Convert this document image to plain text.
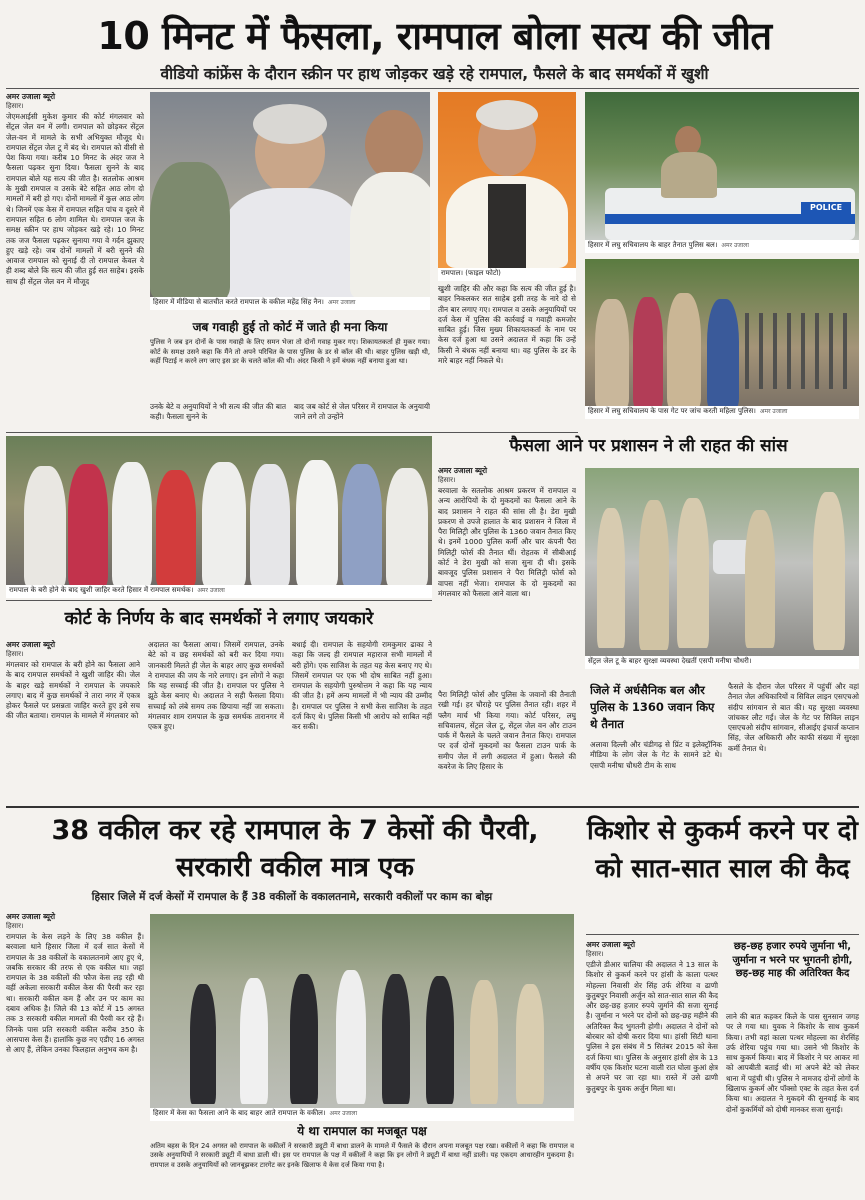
10 मिनट में फैसला, रामपाल बोला सत्य की जीत
वीडियो कांफ्रेंस के दौरान स्क्रीन पर हाथ जोड़कर खड़े रहे रामपाल, फैसले के बाद समर्थकों में खुशी
अमर उजाला ब्यूरो
हिसार।
जेएमआईसी मुकेश कुमार की कोर्ट मंगलवार को सेंट्रल जेल वन में लगी। रामपाल को छोड़कर सेंट्रल जेल-वन में मामले के सभी अभियुक्त मौजूद थे। रामपाल सेंट्रल जेल टू में बंद थे। रामपाल को वीसी से पेश किया गया। करीब 10 मिनट के अंदर जज ने फैसला पढ़कर सुना दिया। फैसला सुनने के बाद रामपाल बोले यह सत्य की जीत है। सतलोक आश्रम के मुखी रामपाल व उसके बेटे सहित आठ लोग दो मामलों में बरी हो गए। दोनों मामलों में कुल आठ लोग थे। जिनमें एक केस में रामपाल सहित पांच व दूसरे में रामपाल सहित 6 लोग शामिल थे। रामपाल जज के समक्ष स्क्रीन पर हाथ जोड़कर खड़े रहे। 10 मिनट तक जज फैसला पढ़कर सुनाया गया वे गर्दन झुकाए हुए खड़े रहे। जब दोनों मामलों में बरी सुनने की आवाज रामपाल को सुनाई दी तो रामपाल केवल ये ही शब्द बोले कि सत्य की जीत हुई सत साहेब। इसके साथ ही सेंट्रल जेल वन में मौजूद
हिसार में मीडिया से बातचीत करते रामपाल के वकील महेंद्र सिंह नैन। अमर उजाला
रामपाल। (फाइल फोटो)
खुशी जाहिर की और कहा कि सत्य की जीत हुई है। बाहर निकलकर सत साहेब इसी तरह के नारे दो से तीन बार लगाए गए। रामपाल व उसके अनुयायियों पर दर्ज केस में पुलिस की कार्रवाई व गवाही कमजोर साबित हुई। जिस मुख्य शिकायतकर्ता के नाम पर केस दर्ज हुआ था उसने अदालत में कहा कि उन्हें किसी ने बंधक नहीं बनाया था। वह पुलिस के डर के मारे बाहर नहीं निकले थे।
POLICE
हिसार में लघु सचिवालय के बाहर तैनात पुलिस बल। अमर उजाला
हिसार में लघु सचिवालय के पास गेट पर जांच करती महिला पुलिस। अमर उजाला
जब गवाही हुई तो कोर्ट में जाते ही मना किया
पुलिस ने जब इन दोनों के पास गवाही के लिए समन भेजा तो दोनों गवाह मुकर गए। शिकायतकर्ता ही मुकर गया। कोर्ट के समक्ष उसने कहा कि मैंने तो अपने परिचित के पास पुलिस के डर से कॉल की थी। बाहर पुलिस खड़ी थी, कहीं पिटाई न करने लग जाए इस डर के चलते कॉल की थी। अंदर किसी ने हमें बंधक नहीं बनाया हुआ था।
उनके बेटे व अनुयायियों ने भी सत्य की जीत की बात कही। फैसला सुनने के
बाद जब कोर्ट से जेल परिसर में रामपाल के अनुयायी जाने लगे तो उन्होंने
रामपाल के बरी होने के बाद खुशी जाहिर करते हिसार में रामपाल समर्थक। अमर उजाला
फैसला आने पर प्रशासन ने ली राहत की सांस
अमर उजाला ब्यूरो
हिसार।
बरवाला के सतलोक आश्रम प्रकरण में रामपाल व अन्य आरोपियों के दो मुकदमों का फैसला आने के बाद प्रशासन ने राहत की सांस ली है। डेरा मुखी प्रकरण से उपजे हालात के बाद प्रशासन ने जिला में पैरा मिलिट्री और पुलिस के 1360 जवान तैनात किए थे। इनमें 1000 पुलिस कर्मी और चार कंपनी पैरा मिलिट्री फोर्स की तैनात थीं। रोहतक में सीबीआई कोर्ट ने डेरा मुखी को सजा सुना दी थी। इसके बावजूद पुलिस प्रशासन ने पैरा मिलिट्री फोर्स को वापस नहीं भेजा। रामपाल के दो मुकदमों का मंगलवार को फैसला आने वाला था।
सेंट्रल जेल टू के बाहर सुरक्षा व्यवस्था देखतीं एसपी मनीषा चौधरी।
कोर्ट के निर्णय के बाद समर्थकों ने लगाए जयकारे
अमर उजाला ब्यूरो
हिसार।
मंगलवार को रामपाल के बरी होने का फैसला आने के बाद रामपाल समर्थकों ने खुशी जाहिर की। जेल के बाहर खड़े समर्थकों ने रामपाल के जयकारे लगाए। बाद में कुछ समर्थकों ने तारा नगर में एकत्र होकर फैसले पर प्रसन्नता जाहिर करते हुए इसे सच की जीत बताया। रामपाल के मामले में मंगलवार को
अदालत का फैसला आया। जिसमें रामपाल, उनके बेटे को व छह समर्थकों को बरी कर दिया गया। जानकारी मिलते ही जेल के बाहर आए कुछ समर्थकों ने रामपाल की जय के नारे लगाए। इन लोगों ने कहा कि यह सच्चाई की जीत है। रामपाल पर पुलिस ने झूठे केस बनाए थे। अदालत ने सही फैसला दिया। सच्चाई को लंबे समय तक छिपाया नहीं जा सकता। मंगलवार शाम रामपाल के कुछ समर्थक तारानगर में एकत्र हुए।
बधाई दी। रामपाल के सहयोगी रामकुमार ढाका ने कहा कि जल्द ही रामपाल महाराज सभी मामलों में बरी होंगे। एक साजिश के तहत यह केस बनाए गए थे। जिसमें रामपाल पर एक भी दोष साबित नहीं हुआ। रामपाल के सहयोगी पुरुषोत्तम ने कहा कि यह न्याय की जीत है। हमें अन्य मामलों में भी न्याय की उम्मीद है। रामपाल पर पुलिस ने सभी केस साजिश के तहत दर्ज किए थे। पुलिस किसी भी आरोप को साबित नहीं कर सकी।
पैरा मिलिट्री फोर्स और पुलिस के जवानों की तैनाती रखी गई। हर चौराहे पर पुलिस तैनात रही। शहर में फ्लैग मार्च भी किया गया। कोर्ट परिसर, लघु सचिवालय, सेंट्रल जेल टू, सेंट्रल जेल वन और टाउन पार्क में फैसले के चलते जवान तैनात किए। रामपाल पर दर्ज दोनों मुकदमों का फैसला टाउन पार्क के समीप जेल में लगी अदालत में हुआ। फैसले की कवरेज के लिए हिसार के
जिले में अर्धसैनिक बल और पुलिस के 1360 जवान किए थे तैनात
अलावा दिल्ली और चंडीगढ़ से प्रिंट व इलेक्ट्रॉनिक मीडिया के लोग जेल के गेट के सामने डटे थे। एसपी मनीषा चौधरी टीम के साथ
फैसले के दौरान जेल परिसर में पहुंचीं और वहां तैनात जेल अधिकारियों व सिविल लाइन एसएचओ संदीप सांगवान से बात की। यह सुरक्षा व्यवस्था जांचकर लौट गईं। जेल के गेट पर सिविल लाइन एसएचओ संदीप सांगवान, सीआईए इंचार्ज कप्तान सिंह, जेल अधिकारी और काफी संख्या में सुरक्षा कर्मी तैनात थे।
38 वकील कर रहे रामपाल के 7 केसों की पैरवी, सरकारी वकील मात्र एक
हिसार जिले में दर्ज केसों में रामपाल के हैं 38 वकीलों के वकालतनामे, सरकारी वकीलों पर काम का बोझ
अमर उजाला ब्यूरो
हिसार।
रामपाल के केस लड़ने के लिए 38 वकील हैं। बरवाला थाने हिसार जिला में दर्ज सात केसों में रामपाल के 38 वकीलों के वकालतनामे आए हुए थे, जबकि सरकार की तरफ से एक वकील था। जहां रामपाल के 38 वकीलों की फौज केस लड़ रही थी वहीं अकेला सरकारी वकील केस की पैरवी कर रहा था। सरकारी वकील कम हैं और उन पर काम का दबाव अधिक है। जिले की 13 कोर्ट में 15 अगस्त तक 3 सरकारी वकील मामलों की पैरवी कर रहे हैं। जिनके पास प्रति सरकारी वकील करीब 350 के आसपास केस हैं। हालांकि कुछ नए एडीए 16 अगस्त से आए हैं, लेकिन उनका फिलहाल अनुभव कम है।
हिसार में केस का फैसला आने के बाद बाहर आते रामपाल के वकील। अमर उजाला
ये था रामपाल का मजबूत पक्ष
अतिम बहस के दिन 24 अगस्त को रामपाल के वकीलों ने सरकारी ड्यूटी में बाधा डालने के मामले में फैसले के दौरान अपना मजबूत पक्ष रखा। वकीलों ने कहा कि रामपाल व उसके अनुयायियों ने सरकारी ड्यूटी में बाधा डाली थी। इस पर रामपाल के पक्ष में वकीलों ने कहा कि इन लोगों ने ड्यूटी में बाधा नहीं डाली। यह एकदम आधारहीन मुकदमा है। रामपाल व उसके अनुयायियों को जानबूझकर टारगेट कर इनके खिलाफ ये केस दर्ज किया गया है।
किशोर से कुकर्म करने पर दो को सात-सात साल की कैद
अमर उजाला ब्यूरो
हिसार।
एडीजे डीआर चालिया की अदालत ने 13 साल के किशोर से कुकर्म करने पर हांसी के काला पत्थर मोहल्ला निवासी शेर सिंह उर्फ शेरिया व ढाणी कुतुबपुर निवासी अर्जुन को सात-सात साल की कैद और छह-छह हजार रुपये जुर्माने की सजा सुनाई है। जुर्माना न भरने पर दोनों को छह-छह महीने की अतिरिक्त कैद भुगतनी होगी। अदालत ने दोनों को बोरबार को दोषी करार दिया था। हांसी सिटी थाना पुलिस ने इस संबंध में 5 सितंबर 2015 को केस दर्ज किया था। पुलिस के अनुसार हांसी क्षेत्र के 13 वर्षीय एक किशोर घटना वाली रात घोला कुआं क्षेत्र से अपने घर जा रहा था। रास्ते में उसे ढाणी कुतुबपुर के युवक अर्जुन मिला था।
छह-छह हजार रुपये जुर्माना भी, जुर्माना न भरने पर भुगतनी होगी, छह-छह माह की अतिरिक्त कैद
लाने की बात कहकर किले के पास सुनसान जगह पर ले गया था। युवक ने किशोर के साथ कुकर्म किया। तभी वहां काला पत्थर मोहल्ला का शेरसिंह उर्फ शेरिया पहुंच गया था। उसने भी किशोर के साथ कुकर्म किया। बाद में किशोर ने घर आकर मां को आपबीती बताई थी। मां अपने बेटे को लेकर थाना में पहुंची थी। पुलिस ने नामजद दोनों लोगों के खिलाफ कुकर्म और पॉक्सो एक्ट के तहत केस दर्ज किया था। अदालत ने मुकदमे की सुनवाई के बाद दोनों कुकर्मियों को दोषी मानकर सजा सुनाई।
